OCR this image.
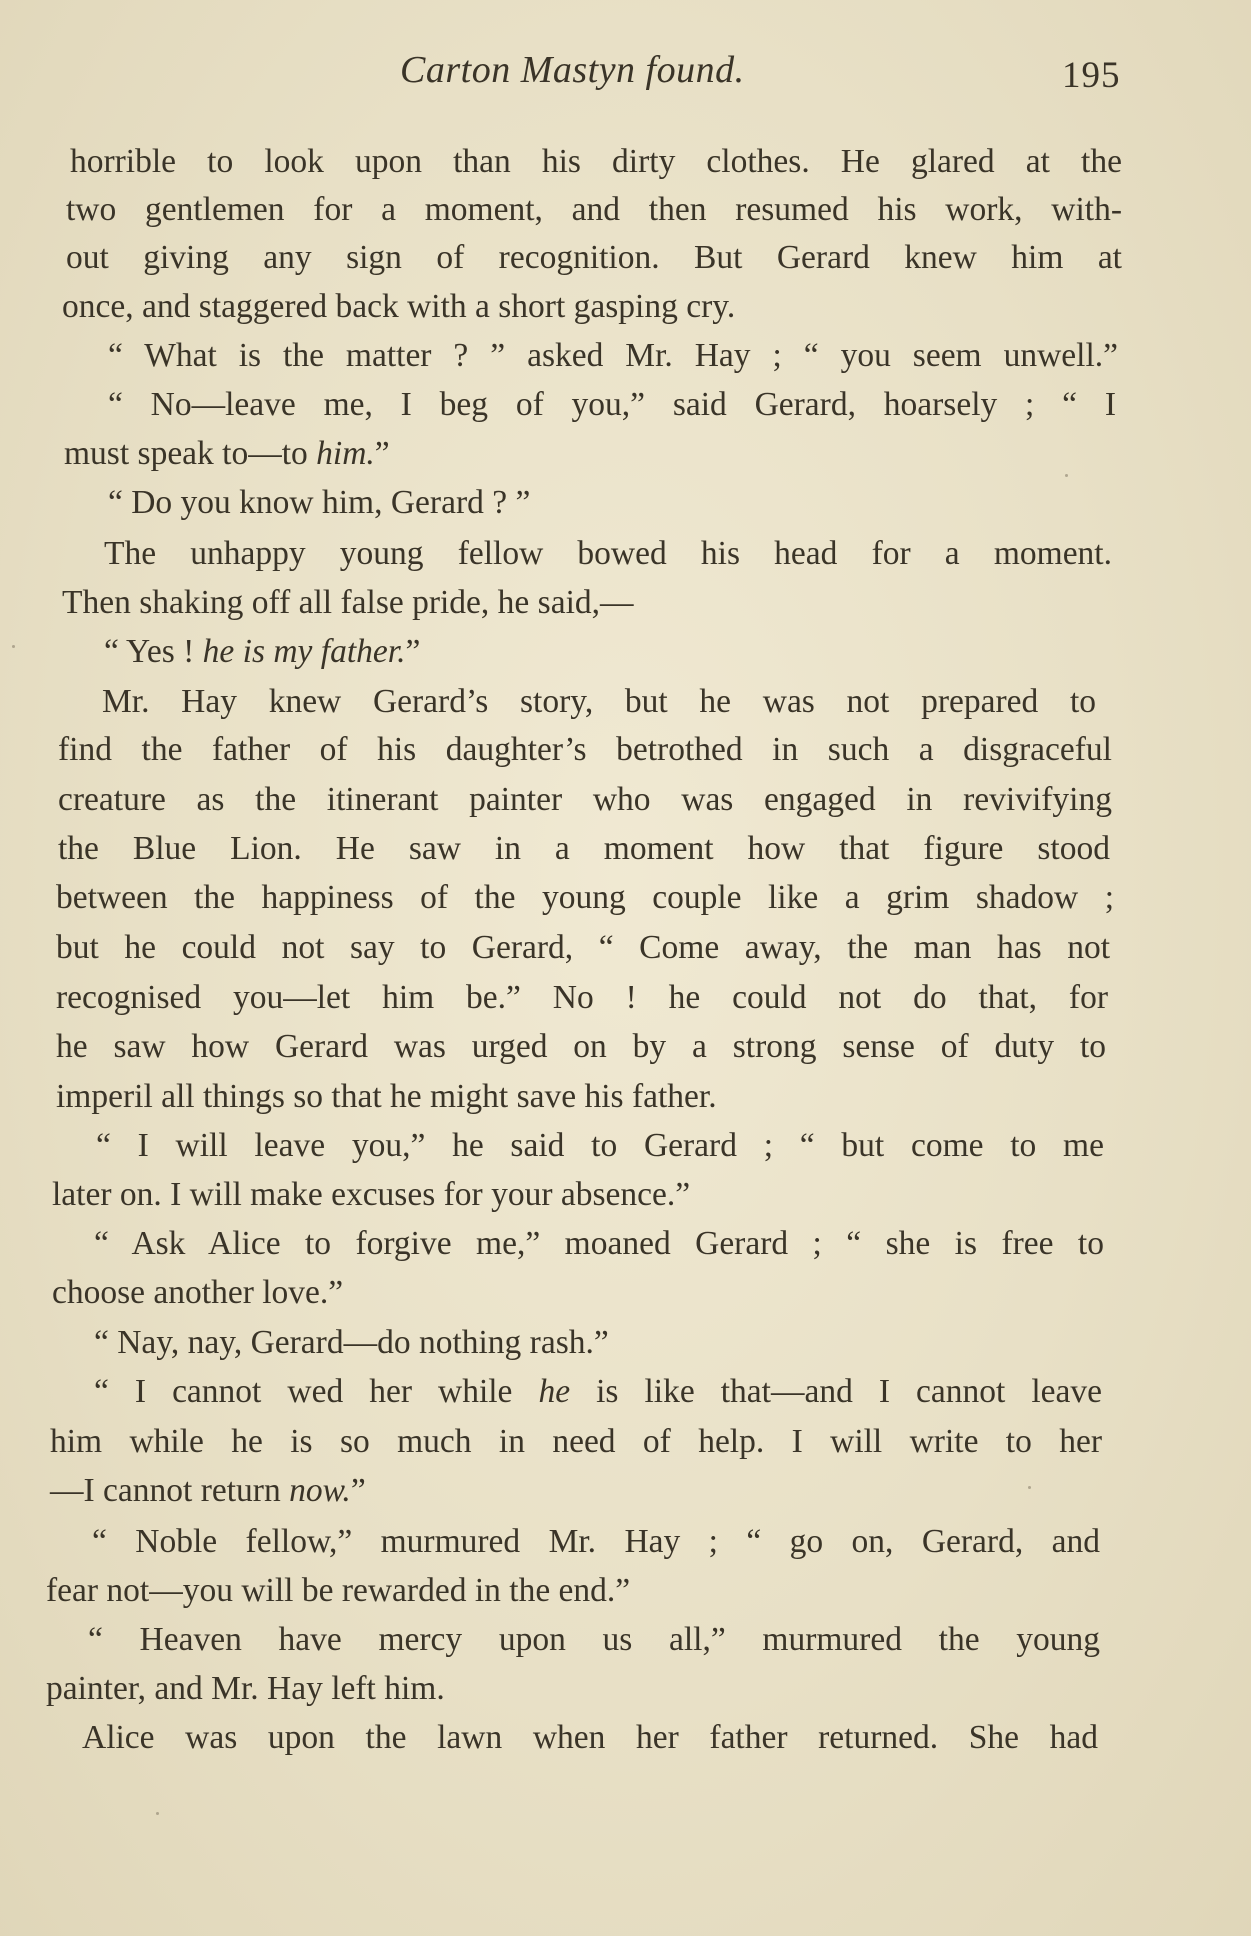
Carton Mastyn found.	195
horrible to look upon than his dirty clothes. He glared at the
two gentlemen for a moment, and then resumed his work, with-
out giving any sign of recognition. But Gerard knew him at
once, and staggered back with a short gasping cry.
“ What is the matter ? ” asked Mr. Hay ; “ you seem unwell.”
“ No—leave me, I beg of you,” said Gerard, hoarsely ; “ I
must speak to—to him.”
“ Do you know him, Gerard ? ”
The unhappy young fellow bowed his head for a moment.
Then shaking off all false pride, he said,—
“ Yes ! he is my father.”
Mr. Hay knew Gerard’s story, but he was not prepared to
find the father of his daughter’s betrothed in such a disgraceful
creature as the itinerant painter who was engaged in revivifying
the Blue Lion. He saw in a moment how that figure stood
between the happiness of the young couple like a grim shadow ;
but he could not say to Gerard, “ Come away, the man has not
recognised you—let him be.” No ! he could not do that, for
he saw how Gerard was urged on by a strong sense of duty to
imperil all things so that he might save his father.
“ I will leave you,” he said to Gerard ; “ but come to me
later on. I will make excuses for your absence.”
“ Ask Alice to forgive me,” moaned Gerard ; “ she is free to
choose another love.”
“ Nay, nay, Gerard—do nothing rash.”
“ I cannot wed her while he is like that—and I cannot leave
him while he is so much in need of help. I will write to her
—I cannot return now.”
“ Noble fellow,” murmured Mr. Hay ; “ go on, Gerard, and
fear not—you will be rewarded in the end.”
“ Heaven have mercy upon us all,” murmured the young
painter, and Mr. Hay left him.
Alice was upon the lawn when her father returned. She had
